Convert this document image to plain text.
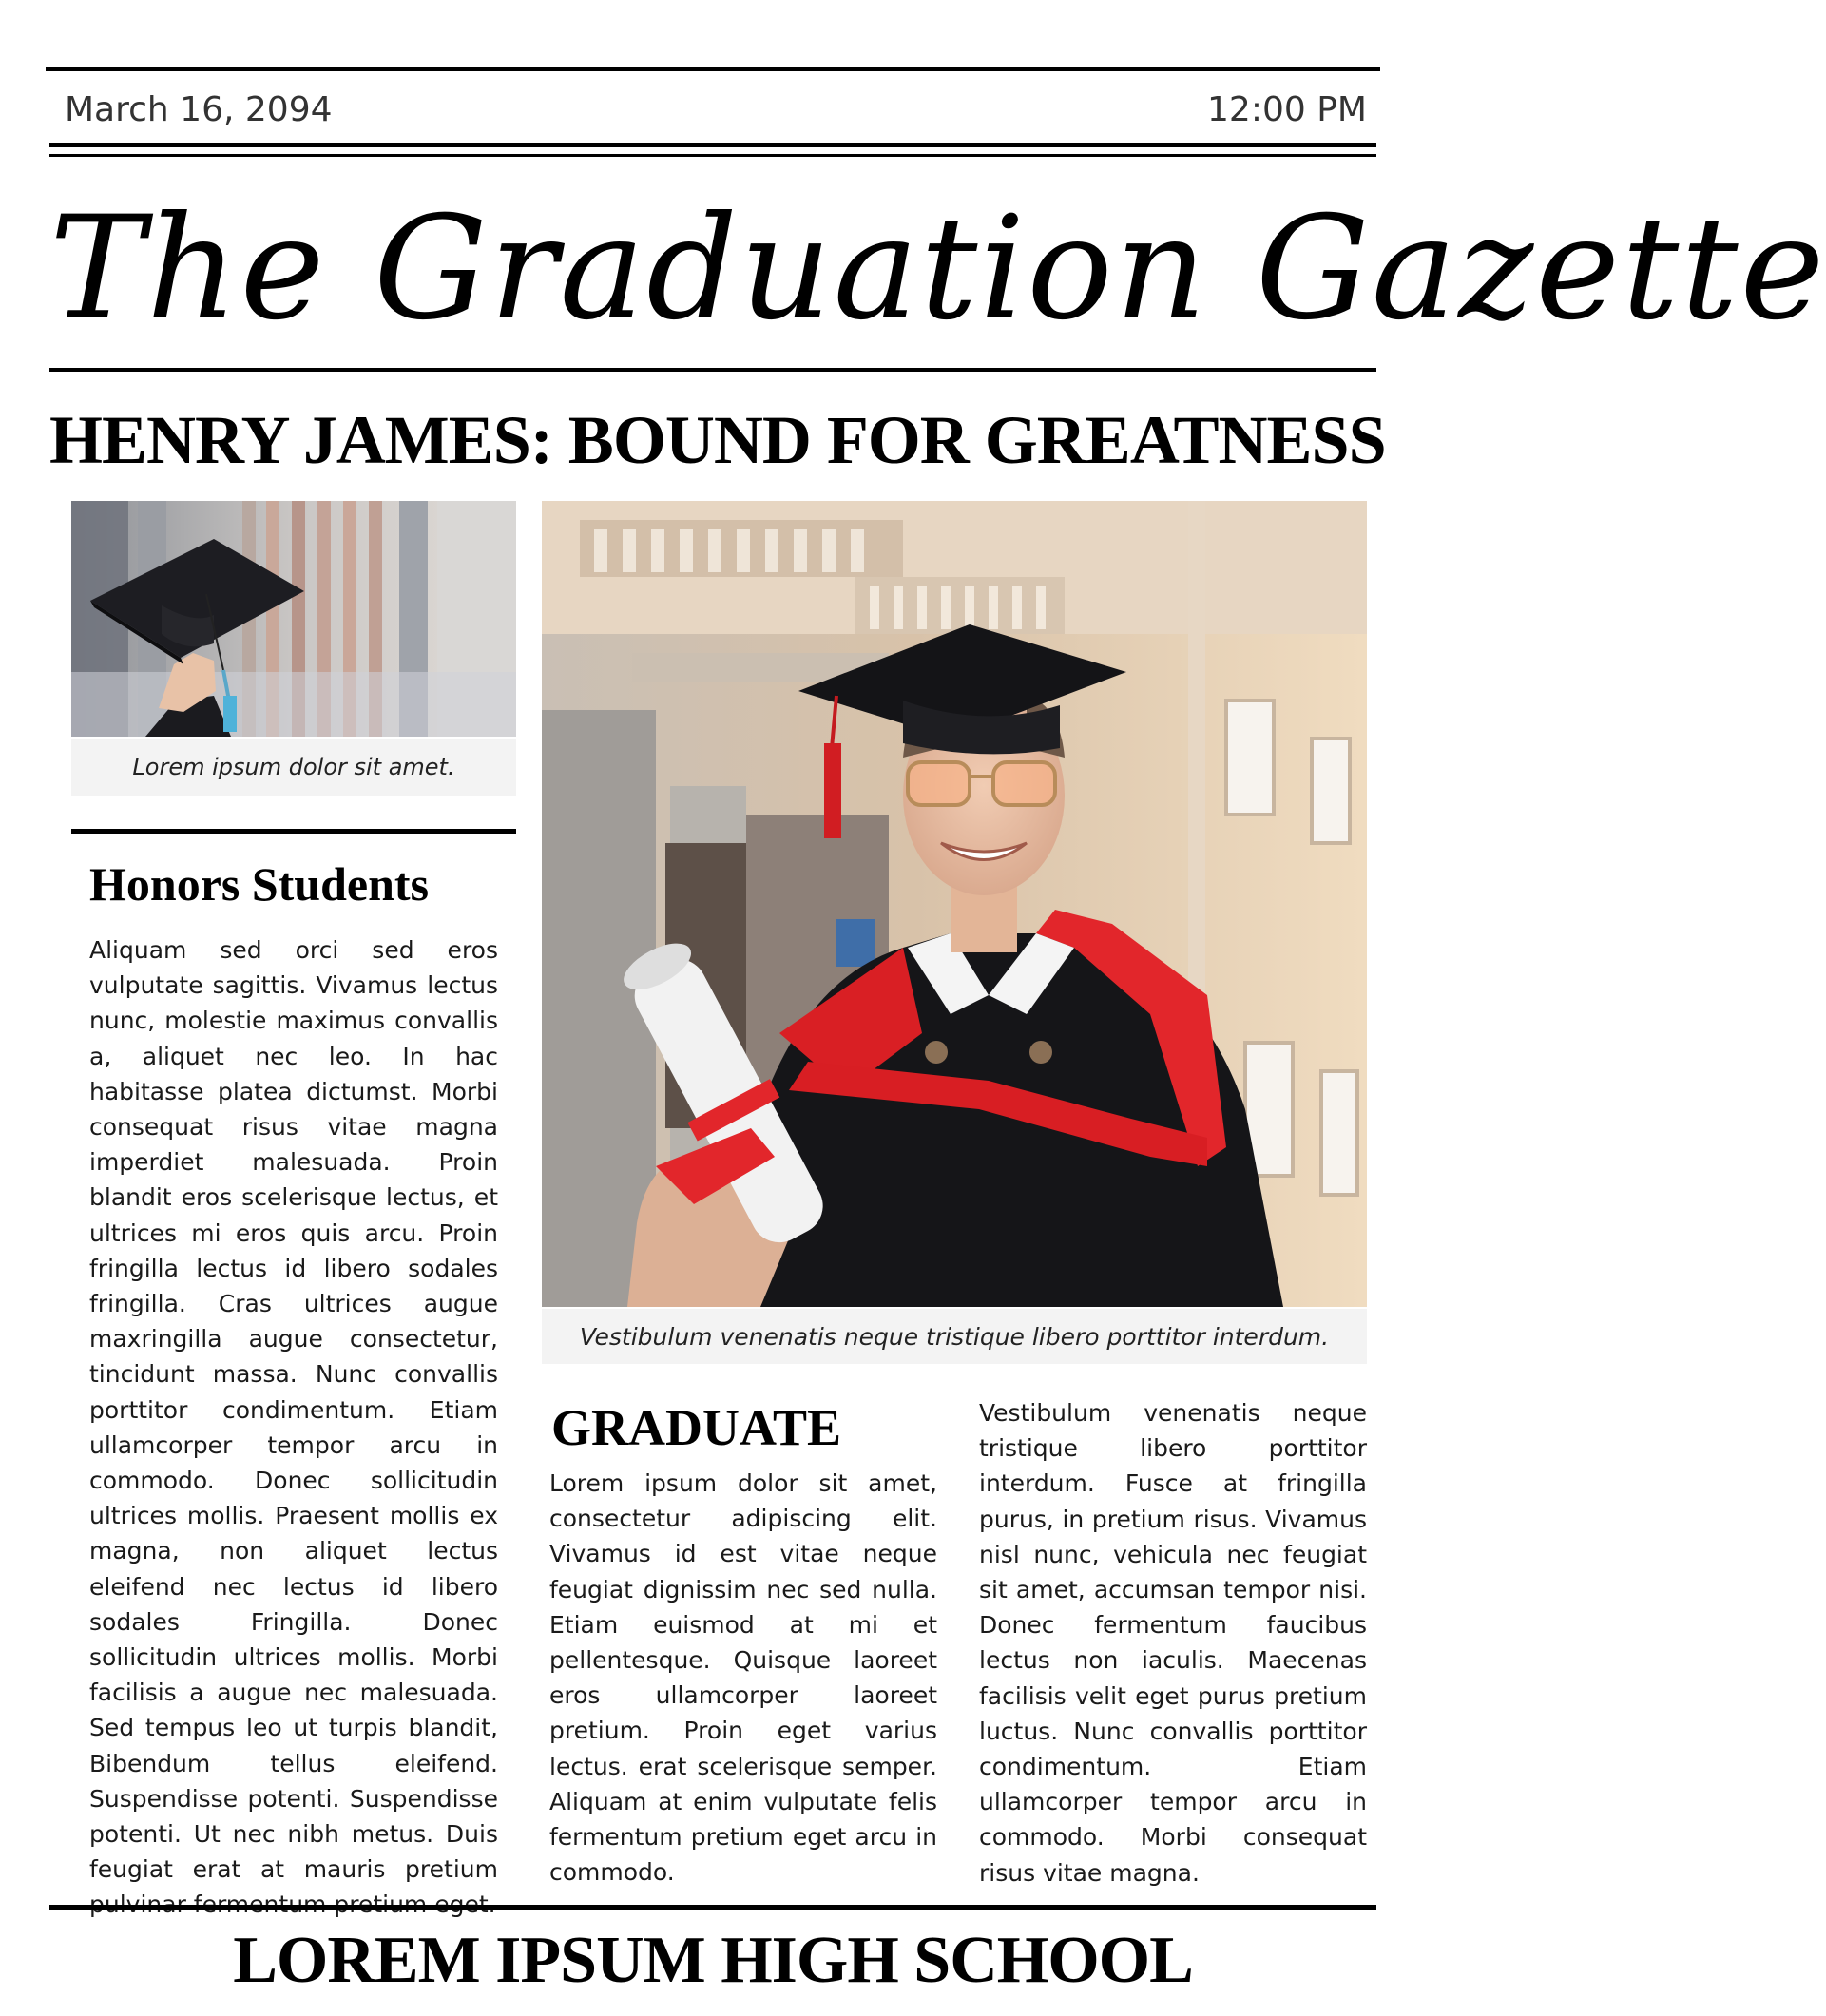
March 16, 2094	12:00 PM
The Graduation Gazette
HENRY JAMES: BOUND FOR GREATNESS
Lorem ipsum dolor sit amet.
Honors Students
Aliquam sed orci sed eros vulputate sagittis. Vivamus lectus nunc, molestie maximus convallis a, aliquet nec leo. In hac habitasse platea dictumst. Morbi consequat risus vitae magna imperdiet malesuada. Proin blandit eros scelerisque lectus, et ultrices mi eros quis arcu. Proin fringilla lectus id libero sodales fringilla. Cras ultrices augue maxringilla augue consectetur, tincidunt massa. Nunc convallis porttitor condimentum. Etiam ullamcorper tempor arcu in commodo. Donec sollicitudin ultrices mollis. Praesent mollis ex magna, non aliquet lectus eleifend nec lectus id libero sodales Fringilla. Donec sollicitudin ultrices mollis. Morbi facilisis a augue nec malesuada. Sed tempus leo ut turpis blandit, Bibendum tellus eleifend. Suspendisse potenti. Suspendisse potenti. Ut nec nibh metus. Duis feugiat erat at mauris pretium
Vestibulum venenatis neque tristique libero porttitor interdum.
GRADUATE
Lorem ipsum dolor sit amet, consectetur adipiscing elit. Vivamus id est vitae neque feugiat dignissim nec sed nulla. Etiam euismod at mi et pellentesque. Quisque laoreet eros ullamcorper laoreet pretium. Proin eget varius lectus. erat scelerisque semper. Aliquam at enim vulputate felis fermentum pretium eget arcu in commodo.
Vestibulum venenatis neque tristique libero porttitor interdum. Fusce at fringilla purus, in pretium risus. Vivamus nisl nunc, vehicula nec feugiat sit amet, accumsan tempor nisi. Donec fermentum faucibus lectus non iaculis. Maecenas facilisis velit eget purus pretium luctus. Nunc convallis porttitor condimentum. Etiam ullamcorper tempor arcu in commodo. Morbi consequat risus vitae magna.
LOREM IPSUM HIGH SCHOOL
